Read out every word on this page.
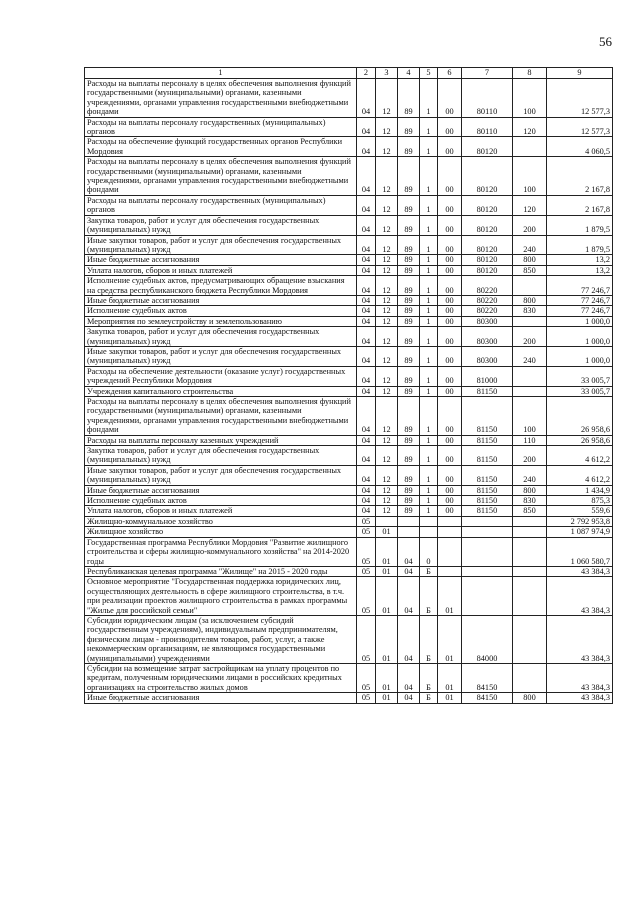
56
1	2	3	4	5	6	7	8	9
Расходы на выплаты персоналу в целях обеспечения выполнения функций государственными (муниципальными) органами, казенными учреждениями, органами управления государственными внебюджетными фондами	04	12	89	1	00	80110	100	12 577,3
Расходы на выплаты персоналу государственных (муниципальных) органов	04	12	89	1	00	80110	120	12 577,3
Расходы на обеспечение функций государственных органов Республики Мордовия	04	12	89	1	00	80120		4 060,5
Расходы на выплаты персоналу в целях обеспечения выполнения функций государственными (муниципальными) органами, казенными учреждениями, органами управления государственными внебюджетными фондами	04	12	89	1	00	80120	100	2 167,8
Расходы на выплаты персоналу государственных (муниципальных) органов	04	12	89	1	00	80120	120	2 167,8
Закупка товаров, работ и услуг для обеспечения государственных (муниципальных) нужд	04	12	89	1	00	80120	200	1 879,5
Иные закупки товаров, работ и услуг для обеспечения государственных (муниципальных) нужд	04	12	89	1	00	80120	240	1 879,5
Иные бюджетные ассигнования	04	12	89	1	00	80120	800	13,2
Уплата налогов, сборов и иных платежей	04	12	89	1	00	80120	850	13,2
Исполнение судебных актов, предусматривающих обращение взыскания на средства республиканского бюджета Республики Мордовия	04	12	89	1	00	80220		77 246,7
Иные бюджетные ассигнования	04	12	89	1	00	80220	800	77 246,7
Исполнение судебных актов	04	12	89	1	00	80220	830	77 246,7
Мероприятия по землеустройству и землепользованию	04	12	89	1	00	80300		1 000,0
Закупка товаров, работ и услуг для обеспечения государственных (муниципальных) нужд	04	12	89	1	00	80300	200	1 000,0
Иные закупки товаров, работ и услуг для обеспечения государственных (муниципальных) нужд	04	12	89	1	00	80300	240	1 000,0
Расходы на обеспечение деятельности (оказание услуг) государственных учреждений Республики Мордовия	04	12	89	1	00	81000		33 005,7
Учреждения капитального строительства	04	12	89	1	00	81150		33 005,7
Расходы на выплаты персоналу в целях обеспечения выполнения функций государственными (муниципальными) органами, казенными учреждениями, органами управления государственными внебюджетными фондами	04	12	89	1	00	81150	100	26 958,6
Расходы на выплаты персоналу казенных учреждений	04	12	89	1	00	81150	110	26 958,6
Закупка товаров, работ и услуг для обеспечения государственных (муниципальных) нужд	04	12	89	1	00	81150	200	4 612,2
Иные закупки товаров, работ и услуг для обеспечения государственных (муниципальных) нужд	04	12	89	1	00	81150	240	4 612,2
Иные бюджетные ассигнования	04	12	89	1	00	81150	800	1 434,9
Исполнение судебных актов	04	12	89	1	00	81150	830	875,3
Уплата налогов, сборов и иных платежей	04	12	89	1	00	81150	850	559,6
Жилищно-коммунальное хозяйство	05							2 792 953,8
Жилищное хозяйство	05	01						1 087 974,9
Государственная программа Республики Мордовия "Развитие жилищного строительства и сферы жилищно-коммунального хозяйства" на 2014-2020 годы	05	01	04	0				1 060 580,7
Республиканская целевая программа "Жилище" на 2015 - 2020 годы	05	01	04	Б				43 384,3
Основное мероприятие "Государственная поддержка юридических лиц, осуществляющих деятельность в сфере жилищного строительства, в т.ч. при реализации проектов жилищного строительства в рамках программы "Жилье для российской семьи"	05	01	04	Б	01			43 384,3
Субсидии юридическим лицам (за исключением субсидий государственным учреждениям), индивидуальным предпринимателям, физическим лицам - производителям товаров, работ, услуг, а также некоммерческим организациям, не являющимся государственными (муниципальными) учреждениями	05	01	04	Б	01	84000		43 384,3
Субсидии на возмещение затрат застройщикам на уплату процентов по кредитам, полученным юридическими лицами в российских кредитных организациях на строительство жилых домов	05	01	04	Б	01	84150		43 384,3
Иные бюджетные ассигнования	05	01	04	Б	01	84150	800	43 384,3
